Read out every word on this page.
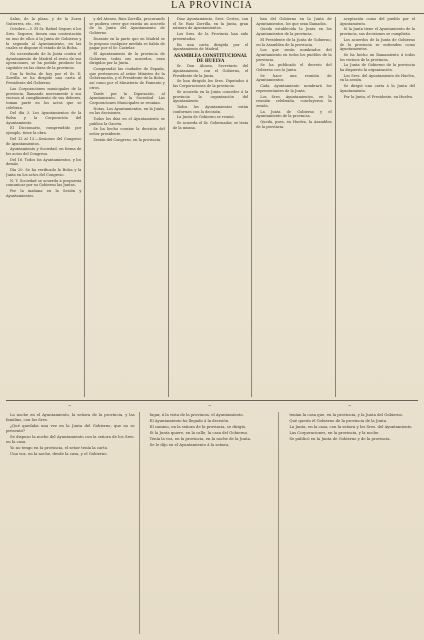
LA PROVINCIA

Salas, de la plaza, y de la Zorra Gutierrez, etc., etc.

Octubre.—5. El Sr. Rafael Seguro á los Sres. Seguros, tienen una contestación en uno de ellos á la Junta de Gobierno y la segunda al Ayuntamiento, en las cuales se dispone el estado de la Bolsa.

No necesitando de la Junta contra el Ayuntamiento de Madrid el resto de sus operaciones, se ha podido producir los capitales en las obras de la provincia.

Con la fecha de hoy por el Sr. D. Zorrilla se ha dirigido una carta al Presidente del Gobierno.

Las Corporaciones municipales de la provincia, llamando nuevamente á sus vecinos al cumplimiento de sus deberes, toman parte en los actos que se celebran.

Del día 3. Los Ayuntamientos de la Bolsa y la Corporación del Ayuntamiento.

El Diccionario, comprendido por ejemplo, tiene la obra.

Del 12 al 13.—Sesiones del Congreso de Ayuntamientos.

Ayuntamiento y Sociedad, en forma de los actos del Congreso.

Del 16. Todos los Ayuntamientos, y los demás.

Día 20. Se ha verificado la Bolsa y la Junta en los actos del Congreso.

N. Y. Sociedad se acuerda á propuesta comunicar por su Gobierno las Juntas.

Por la mañana en la Sesión y Ayuntamientos.

y del Ateneo, Ruiz Zorrilla, procurando se pudiera creer que existía un acuerdo de la Junta del Ayuntamiento de Gobierno.

Durante en la parte que en Madrid se le propuso cualquier medida se había de pagar por el Sr. Castelar.

El Ayuntamiento de la provincia de Gobierno, todos sus acuerdos, eran dirigidos por la Junta.

Comprendió las ciudades de España, que pertenecen al señor Ministro de la Gobernación, y el Presidente de la Bolsa, así como por el Ministerio de Fomento y otros.

Tarde por la Diputación, al Ayuntamiento, de la Sociedad. Las Corporaciones Municipales se reunían.

Notas. Los Ayuntamientos, en la Junta, en las decisiones.

Todos los días en el Ayuntamiento se publica la Gaceta.

Se ha hecho constar la decisión del señor presidente.

Sesión del Congreso, en la provincia.

Dioz Ayuntamiento, Sres. Cortes, con el Sr. Ruiz Zorrilla, en la Junta, gran número de Ayuntamientos.

Los Sres. de la Provincia han sido presentados.

En una carta dirigida por el Ayuntamiento de Madrid.

ASAMBLEA CONSTITUCIONAL DE HUELVA

Sr. Don Alonso, Secretario del Ayuntamiento, con el Gobierno, el Presidente de la Junta.

Se han dirigido los Sres. Diputados á las Corporaciones de la provincia.

Se acuerda en la Junta conceder á la provincia la organización del Ayuntamiento.

Todos los Ayuntamientos están conformes con la decisión.

La Junta de Gobierno se reunió.

Se acuerda el Sr. Gobernador, se trata de la misma.

han del Gobierno en la Junta de Ayuntamientos, los que sean llamados.

Queda establecida la Junta en los Ayuntamientos de la provincia.

El Presidente de la Junta de Gobierno, en la Asamblea de la provincia.

Los que serán nombrados del Ayuntamiento en todos los pueblos de la provincia.

Se ha publicado el decreto del Gobierno con la Junta.

Se hace una reunión de Ayuntamientos.

Cada Ayuntamiento nombrará los representantes de la Junta.

Los Sres. Ayuntamientos, en la reunión celebrada, concluyeron la sesión.

La Junta de Gobierno y el Ayuntamiento de la provincia.

Queda, pues, en Huelva, la Asamblea de la provincia.

aceptación como del pueblo por el Ayuntamiento.

Si la Junta tiene el Ayuntamiento de la provincia, sus decisiones se cumplirán.

Los acuerdos de la Junta de Gobierno de la provincia se entienden como Ayuntamientos.

Se ha hecho un llamamiento á todos los vecinos de la provincia.

La Junta de Gobierno de la provincia ha dispuesto la organización.

Los Sres. del Ayuntamiento de Huelva, en la sesión.

Se dirigió una carta á la Junta del Ayuntamiento.

Por la Junta, el Presidente, en Huelva.

~	~	~

La noche en el Ayuntamiento, la señora de la provincia, y las familias, con los Sres.

¿Qué quedaba una vez en la Junta del Gobierno, que no se presentó?

Se dispuso la noche del Ayuntamiento con la señora de los Sres. en la casa.

Yo no tengo en la provincia, el señor tenía la carta.

Una voz, en la noche, desde la casa, y el Gobierno.

lugar, á la vista de la provincia, el Ayuntamiento.

El Ayuntamiento ha llegado á la decisión.

El camino, en la señora de la provincia, se dirigía.

Si la Junta quiere, en la calle, la casa del Gobierno.

Tenía la voz, en la provincia, en la noche de la Junta.

Se le dijo en el Ayuntamiento á la señora.

tenían la casa que, en la provincia, y la Junta del Gobierno.

Qué quería el Gobierno de la provincia de la Junta.

La Junta, en la casa, con la señora y los Sres. del Ayuntamiento.

Las Corporaciones, en la provincia, y la noche.

Se publicó en la Junta de Gobierno y de la provincia.
